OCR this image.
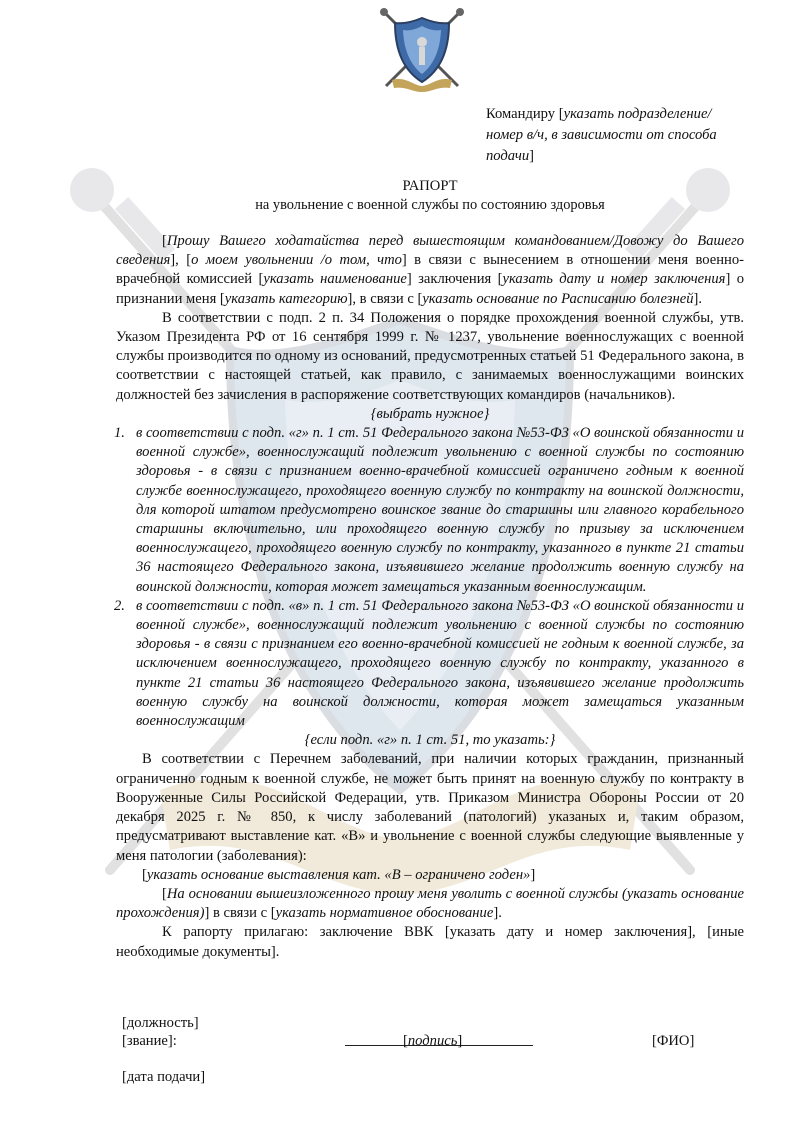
Командиру [указать подразделение/номер в/ч, в зависимости от способа подачи]
РАПОРТ
на увольнение с военной службы по состоянию здоровья

[Прошу Вашего ходатайства перед вышестоящим командованием/Довожу до Вашего сведения], [о моем увольнении /о том, что] в связи с вынесением в отношении меня военно-врачебной комиссией [указать наименование] заключения [указать дату и номер заключения] о признании меня [указать категорию], в связи с [указать основание по Расписанию болезней].

В соответствии с подп. 2 п. 34 Положения о порядке прохождения военной службы, утв. Указом Президента РФ от 16 сентября 1999 г. № 1237, увольнение военнослужащих с военной службы производится по одному из оснований, предусмотренных статьей 51 Федерального закона, в соответствии с настоящей статьей, как правило, с занимаемых военнослужащими воинских должностей без зачисления в распоряжение соответствующих командиров (начальников).

{выбрать нужное}

1. в соответствии с подп. «г» п. 1 ст. 51 Федерального закона №53-ФЗ «О воинской обязанности и военной службе», военнослужащий подлежит увольнению с военной службы по состоянию здоровья - в связи с признанием военно-врачебной комиссией ограничено годным к военной службе военнослужащего, проходящего военную службу по контракту на воинской должности, для которой штатом предусмотрено воинское звание до старшины или главного корабельного старшины включительно, или проходящего военную службу по призыву за исключением военнослужащего, проходящего военную службу по контракту, указанного в пункте 21 статьи 36 настоящего Федерального закона, изъявившего желание продолжить военную службу на воинской должности, которая может замещаться указанным военнослужащим.
2. в соответствии с подп. «в» п. 1 ст. 51 Федерального закона №53-ФЗ «О воинской обязанности и военной службе», военнослужащий подлежит увольнению с военной службы по состоянию здоровья - в связи с признанием его военно-врачебной комиссией не годным к военной службе, за исключением военнослужащего, проходящего военную службу по контракту, указанного в пункте 21 статьи 36 настоящего Федерального закона, изъявившего желание продолжить военную службу на воинской должности, которая может замещаться указанным военнослужащим

{если подп. «г» п. 1 ст. 51, то указать:}

В соответствии с Перечнем заболеваний, при наличии которых гражданин, признанный ограниченно годным к военной службе, не может быть принят на военную службу по контракту в Вооруженные Силы Российской Федерации, утв. Приказом Министра Обороны России от 20 декабря 2025 г. № 850, к числу заболеваний (патологий) указаных и, таким образом, предусматривают выставление кат. «В» и увольнение с военной службы следующие выявленные у меня патологии (заболевания):

[указать основание выставления кат. «В – ограничено годен»]

[На основании вышеизложенного прошу меня уволить с военной службы (указать основание прохождения)] в связи с [указать нормативное обоснование].

К рапорту прилагаю: заключение ВВК [указать дату и номер заключения], [иные необходимые документы].

[должность]
[звание]:	[подпись]	[ФИО]
[дата подачи]
